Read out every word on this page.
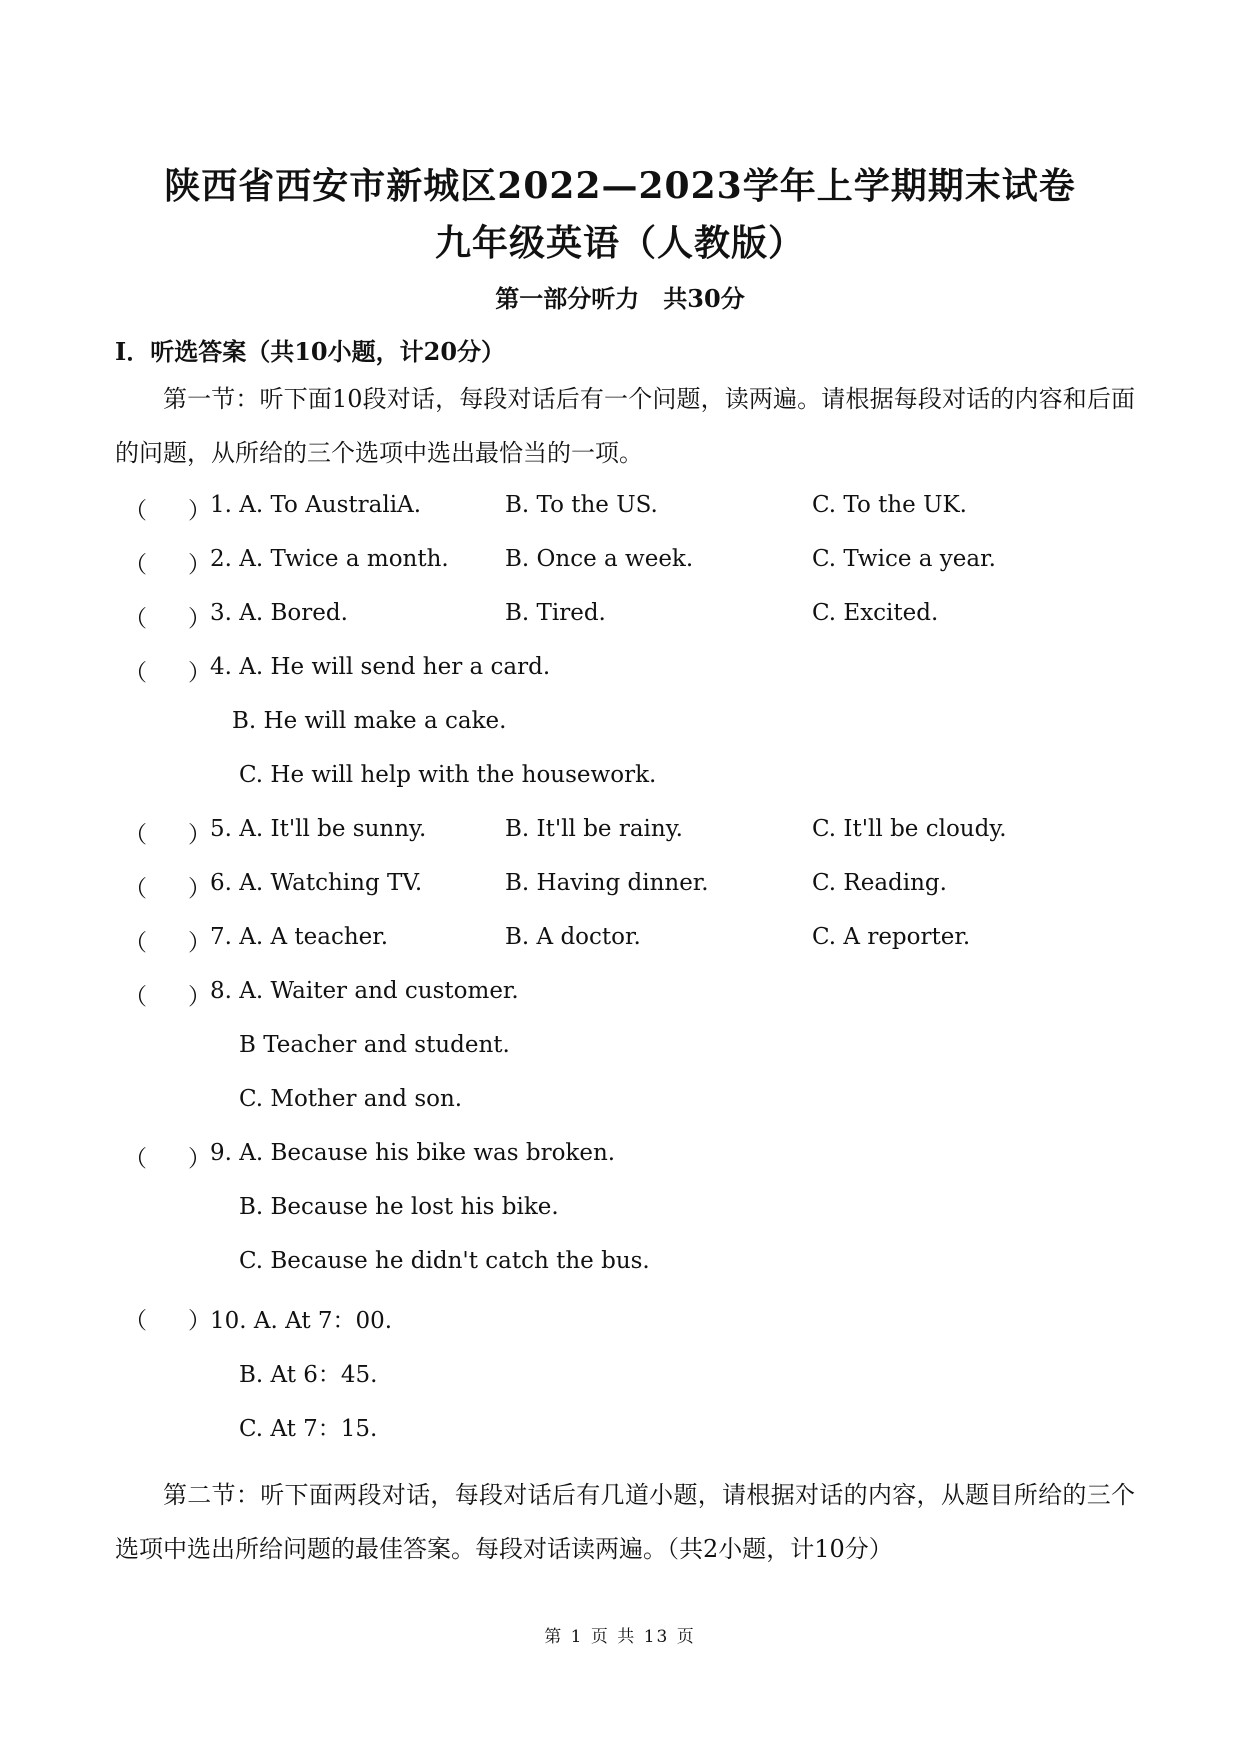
陕西省西安市新城区2022—2023学年上学期期末试卷
九年级英语（人教版）
第一部分听力　共30分
Ⅰ．听选答案（共10小题，计20分）
第一节：听下面10段对话，每段对话后有一个问题，读两遍。请根据每段对话的内容和后面的问题，从所给的三个选项中选出最恰当的一项。
（ ） 1. A. To AustraliA.	B. To the US.	C. To the UK.
（ ） 2. A. Twice a month. B. Once a week.	C. Twice a year.
（ ） 3. A. Bored.	B. Tired.	C. Excited.
（ ） 4. A. He will send her a card.
B. He will make a cake.
C. He will help with the housework.
（ ） 5. A. It'll be sunny.	B. It'll be rainy.	C. It'll be cloudy.
（ ） 6. A. Watching TV.	B. Having dinner.	C. Reading.
（ ） 7. A. A teacher.	B. A doctor.	C. A reporter.
（ ） 8. A. Waiter and customer.
B Teacher and student.
C. Mother and son.
（ ） 9. A. Because his bike was broken.
B. Because he lost his bike.
C. Because he didn't catch the bus.
（ ） 10. A. At 7：00.
B. At 6：45.
C. At 7：15.
第二节：听下面两段对话，每段对话后有几道小题，请根据对话的内容，从题目所给的三个选项中选出所给问题的最佳答案。每段对话读两遍。（共2小题，计10分）
第 1 页 共 13 页
